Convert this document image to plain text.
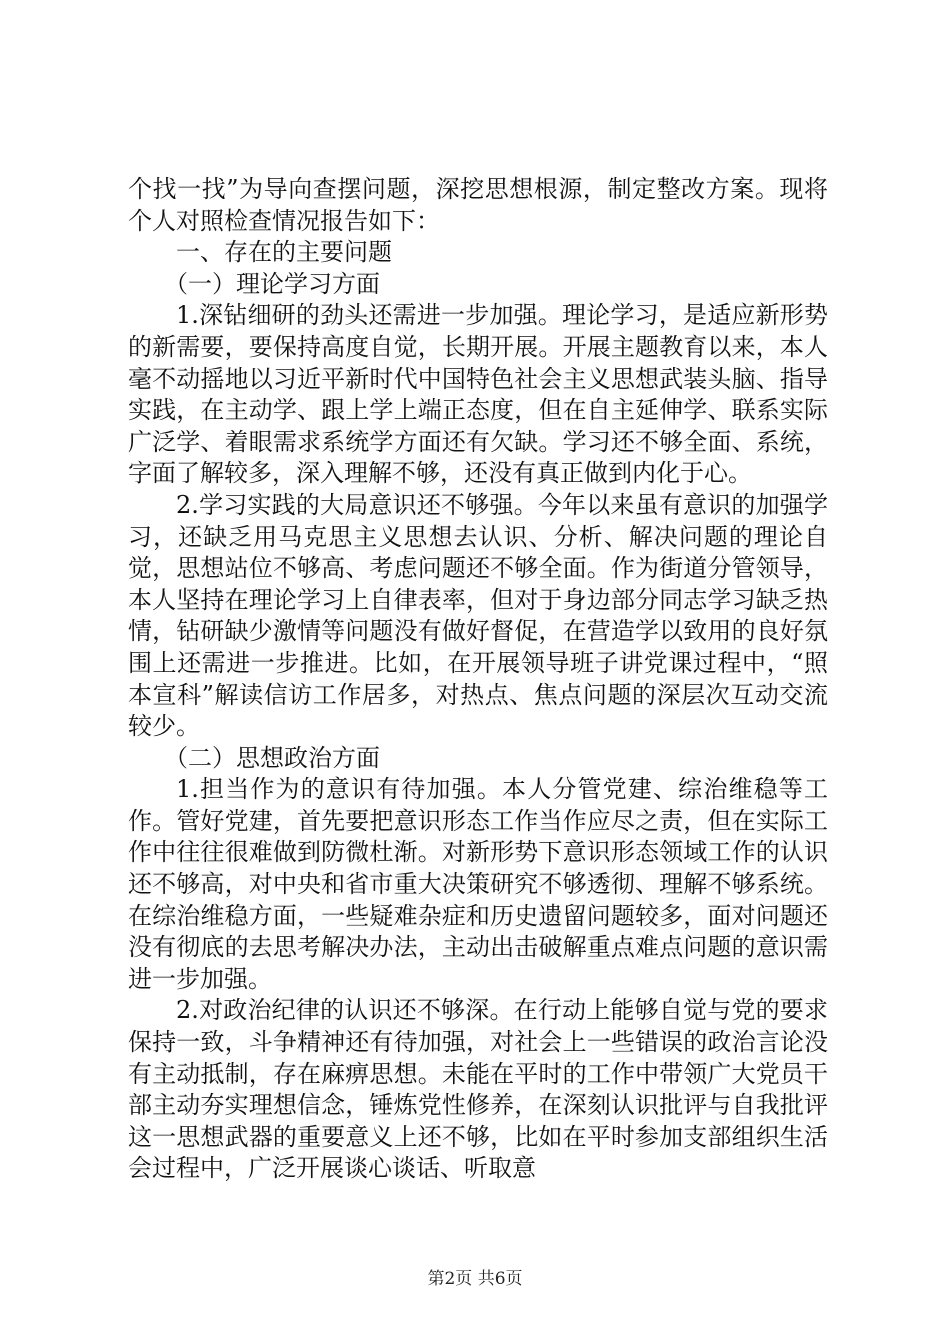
个找一找”为导向查摆问题，深挖思想根源，制定整改方案。现将个人对照检查情况报告如下：

一、存在的主要问题

（一）理论学习方面

1.深钻细研的劲头还需进一步加强。理论学习，是适应新形势的新需要，要保持高度自觉，长期开展。开展主题教育以来，本人毫不动摇地以习近平新时代中国特色社会主义思想武装头脑、指导实践，在主动学、跟上学上端正态度，但在自主延伸学、联系实际广泛学、着眼需求系统学方面还有欠缺。学习还不够全面、系统，字面了解较多，深入理解不够，还没有真正做到内化于心。

2.学习实践的大局意识还不够强。今年以来虽有意识的加强学习，还缺乏用马克思主义思想去认识、分析、解决问题的理论自觉，思想站位不够高、考虑问题还不够全面。作为街道分管领导，本人坚持在理论学习上自律表率，但对于身边部分同志学习缺乏热情，钻研缺少激情等问题没有做好督促，在营造学以致用的良好氛围上还需进一步推进。比如，在开展领导班子讲党课过程中，“照本宣科”解读信访工作居多，对热点、焦点问题的深层次互动交流较少。

（二）思想政治方面

1.担当作为的意识有待加强。本人分管党建、综治维稳等工作。管好党建，首先要把意识形态工作当作应尽之责，但在实际工作中往往很难做到防微杜渐。对新形势下意识形态领域工作的认识还不够高，对中央和省市重大决策研究不够透彻、理解不够系统。在综治维稳方面，一些疑难杂症和历史遗留问题较多，面对问题还没有彻底的去思考解决办法，主动出击破解重点难点问题的意识需进一步加强。

2.对政治纪律的认识还不够深。在行动上能够自觉与党的要求保持一致，斗争精神还有待加强，对社会上一些错误的政治言论没有主动抵制，存在麻痹思想。未能在平时的工作中带领广大党员干部主动夯实理想信念，锤炼党性修养，在深刻认识批评与自我批评这一思想武器的重要意义上还不够，比如在平时参加支部组织生活会过程中，广泛开展谈心谈话、听取意

第2页 共6页
